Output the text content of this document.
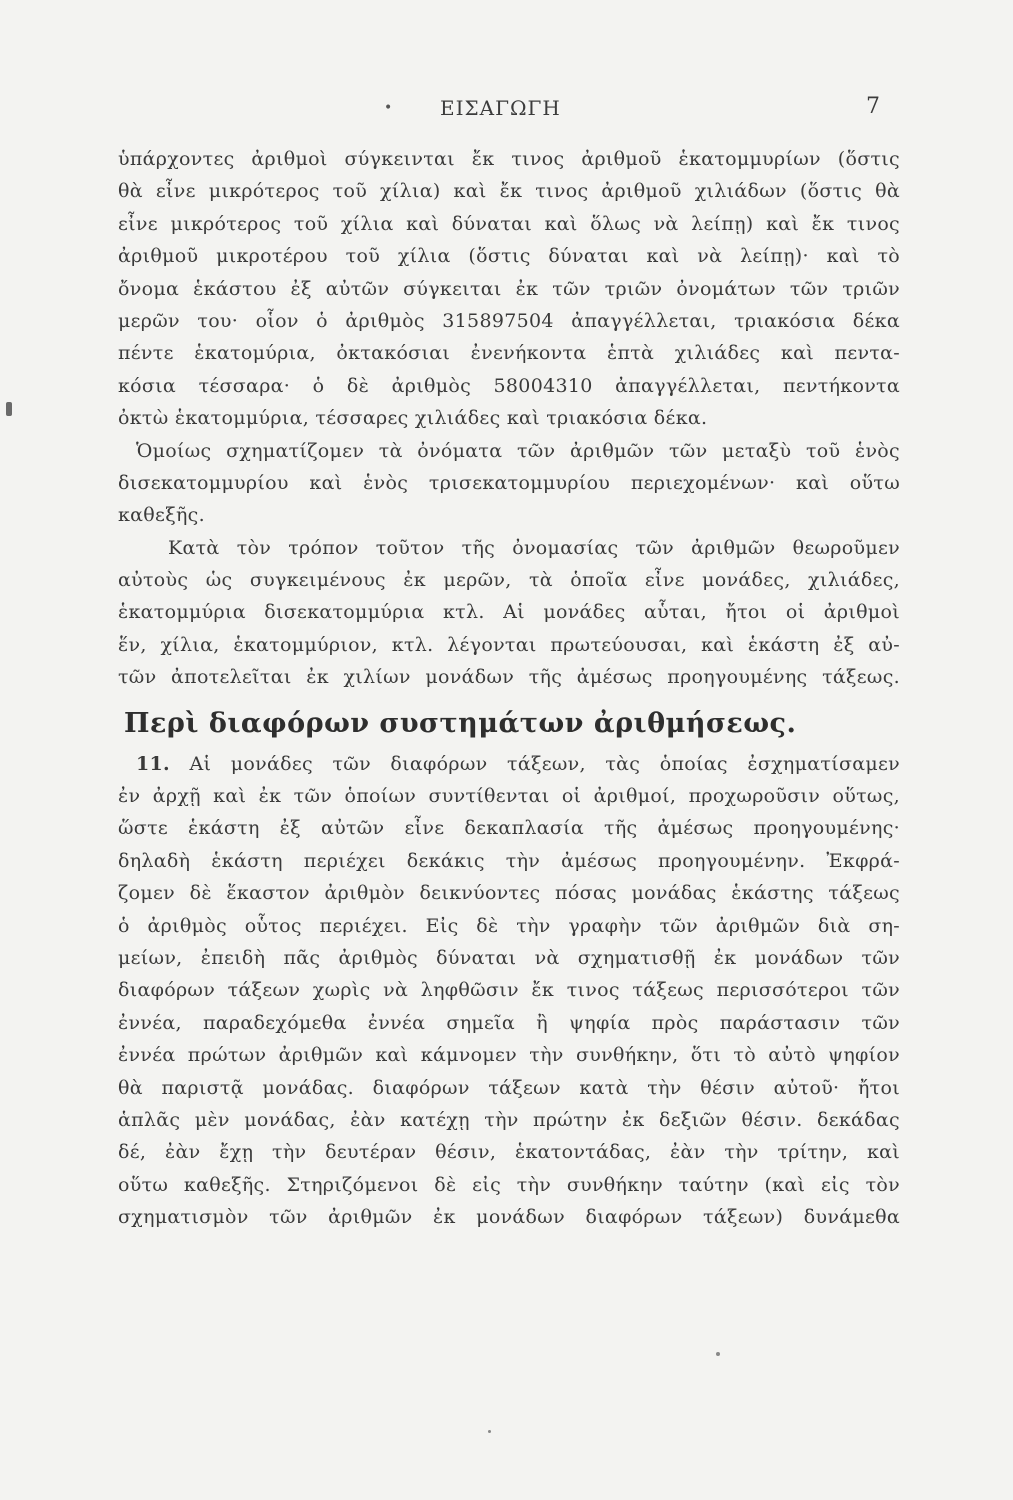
• ΕΙΣΑΓΩΓΗ	7
ὑπάρχοντες ἀριθμοὶ σύγκεινται ἔκ τινος ἀριθμοῦ ἑκατομμυρίων (ὅστις
θὰ εἶνε μικρότερος τοῦ χίλια) καὶ ἔκ τινος ἀριθμοῦ χιλιάδων (ὅστις θὰ
εἶνε μικρότερος τοῦ χίλια καὶ δύναται καὶ ὅλως νὰ λείπῃ) καὶ ἔκ τινος
ἀριθμοῦ μικροτέρου τοῦ χίλια (ὅστις δύναται καὶ νὰ λείπῃ)· καὶ τὸ
ὄνομα ἑκάστου ἐξ αὐτῶν σύγκειται ἐκ τῶν τριῶν ὀνομάτων τῶν τριῶν
μερῶν του· οἷον ὁ ἀριθμὸς 315897504 ἀπαγγέλλεται, τριακόσια δέκα
πέντε ἑκατομύρια, ὀκτακόσιαι ἐνενήκοντα ἑπτὰ χιλιάδες καὶ πεντα-
κόσια τέσσαρα· ὁ δὲ ἀριθμὸς 58004310 ἀπαγγέλλεται, πεντήκοντα
ὀκτὼ ἑκατομμύρια, τέσσαρες χιλιάδες καὶ τριακόσια δέκα.
Ὁμοίως σχηματίζομεν τὰ ὀνόματα τῶν ἀριθμῶν τῶν μεταξὺ τοῦ ἑνὸς
δισεκατομμυρίου καὶ ἑνὸς τρισεκατομμυρίου περιεχομένων· καὶ οὕτω
καθεξῆς.
Κατὰ τὸν τρόπον τοῦτον τῆς ὀνομασίας τῶν ἀριθμῶν θεωροῦμεν
αὐτοὺς ὡς συγκειμένους ἐκ μερῶν, τὰ ὁποῖα εἶνε μονάδες, χιλιάδες,
ἑκατομμύρια δισεκατομμύρια κτλ. Αἱ μονάδες αὗται, ἤτοι οἱ ἀριθμοὶ
ἕν, χίλια, ἑκατομμύριον, κτλ. λέγονται πρωτεύουσαι, καὶ ἑκάστη ἐξ αὐ-
τῶν ἀποτελεῖται ἐκ χιλίων μονάδων τῆς ἀμέσως προηγουμένης τάξεως.
Περὶ διαφόρων συστημάτων ἀριθμήσεως.
11. Αἱ μονάδες τῶν διαφόρων τάξεων, τὰς ὁποίας ἐσχηματίσαμεν
ἐν ἀρχῇ καὶ ἐκ τῶν ὁποίων συντίθενται οἱ ἀριθμοί, προχωροῦσιν οὕτως,
ὥστε ἑκάστη ἐξ αὐτῶν εἶνε δεκαπλασία τῆς ἀμέσως προηγουμένης·
δηλαδὴ ἑκάστη περιέχει δεκάκις τὴν ἀμέσως προηγουμένην. Ἐκφρά-
ζομεν δὲ ἕκαστον ἀριθμὸν δεικνύοντες πόσας μονάδας ἑκάστης τάξεως
ὁ ἀριθμὸς οὗτος περιέχει. Εἰς δὲ τὴν γραφὴν τῶν ἀριθμῶν διὰ ση-
μείων, ἐπειδὴ πᾶς ἀριθμὸς δύναται νὰ σχηματισθῇ ἐκ μονάδων τῶν
διαφόρων τάξεων χωρὶς νὰ ληφθῶσιν ἔκ τινος τάξεως περισσότεροι τῶν
ἐννέα, παραδεχόμεθα ἐννέα σημεῖα ἢ ψηφία πρὸς παράστασιν τῶν
ἐννέα πρώτων ἀριθμῶν καὶ κάμνομεν τὴν συνθήκην, ὅτι τὸ αὐτὸ ψηφίον
θὰ παριστᾷ μονάδας. διαφόρων τάξεων κατὰ τὴν θέσιν αὐτοῦ· ἤτοι
ἁπλᾶς μὲν μονάδας, ἐὰν κατέχῃ τὴν πρώτην ἐκ δεξιῶν θέσιν. δεκάδας
δέ, ἐὰν ἔχῃ τὴν δευτέραν θέσιν, ἑκατοντάδας, ἐὰν τὴν τρίτην, καὶ
οὕτω καθεξῆς. Στηριζόμενοι δὲ εἰς τὴν συνθήκην ταύτην (καὶ εἰς τὸν
σχηματισμὸν τῶν ἀριθμῶν ἐκ μονάδων διαφόρων τάξεων) δυνάμεθα
